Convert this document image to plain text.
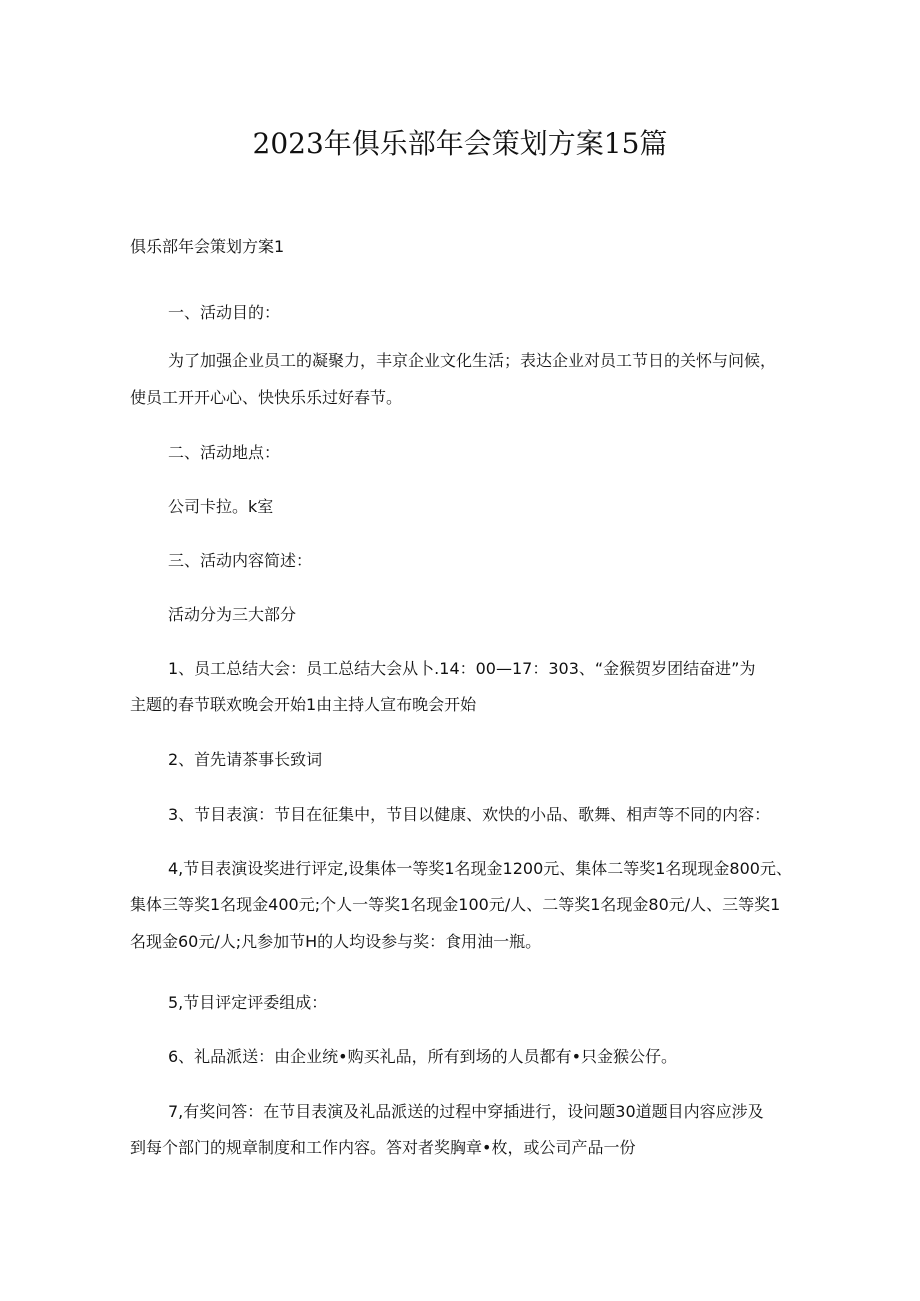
2023年俱乐部年会策划方案15篇
俱乐部年会策划方案1
一、活动目的：
为了加强企业员工的凝聚力，丰京企业文化生活；表达企业对员工节日的关怀与问候，
使员工开开心心、快快乐乐过好春节。
二、活动地点：
公司卡拉。k室
三、活动内容简述：
活动分为三大部分
1、员工总结大会：员工总结大会从卜.14：00—17：303、“金猴贺岁团结奋进”为
主题的春节联欢晚会开始1由主持人宣布晚会开始
2、首先请茶事长致词
3、节目表演：节目在征集中，节目以健康、欢快的小品、歌舞、相声等不同的内容：
4,节目表演设奖进行评定,设集体一等奖1名现金1200元、集体二等奖1名现现金800元、
集体三等奖1名现金400元;个人一等奖1名现金100元/人、二等奖1名现金80元/人、三等奖1
名现金60元/人;凡参加节H的人均设参与奖：食用油一瓶。
5,节目评定评委组成：
6、礼品派送：由企业统•购买礼品，所有到场的人员都有•只金猴公仔。
7,有奖问答：在节目表演及礼品派送的过程中穿插进行，设问题30道题目内容应涉及
到每个部门的规章制度和工作内容。答对者奖胸章•枚，或公司产品一份
